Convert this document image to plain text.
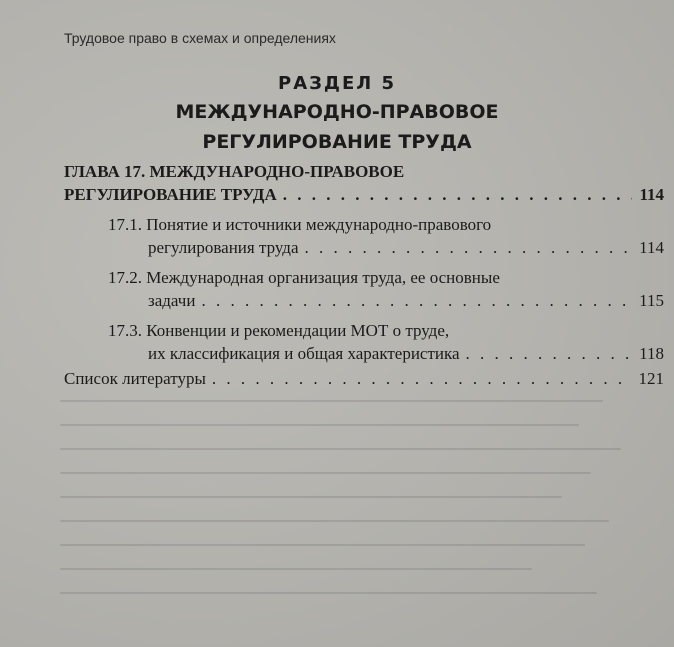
Трудовое право в схемах и определениях
РАЗДЕЛ 5
МЕЖДУНАРОДНО-ПРАВОВОЕ
РЕГУЛИРОВАНИЕ ТРУДА
ГЛАВА 17. МЕЖДУНАРОДНО-ПРАВОВОЕ
РЕГУЛИРОВАНИЕ ТРУДА . . .	114
17.1. Понятие и источники международно-правового
регулирования труда . . .	114
17.2. Международная организация труда, ее основные
задачи . . .	115
17.3. Конвенции и рекомендации МОТ о труде,
их классификация и общая характеристика . . .	118
Список литературы . . .	121
